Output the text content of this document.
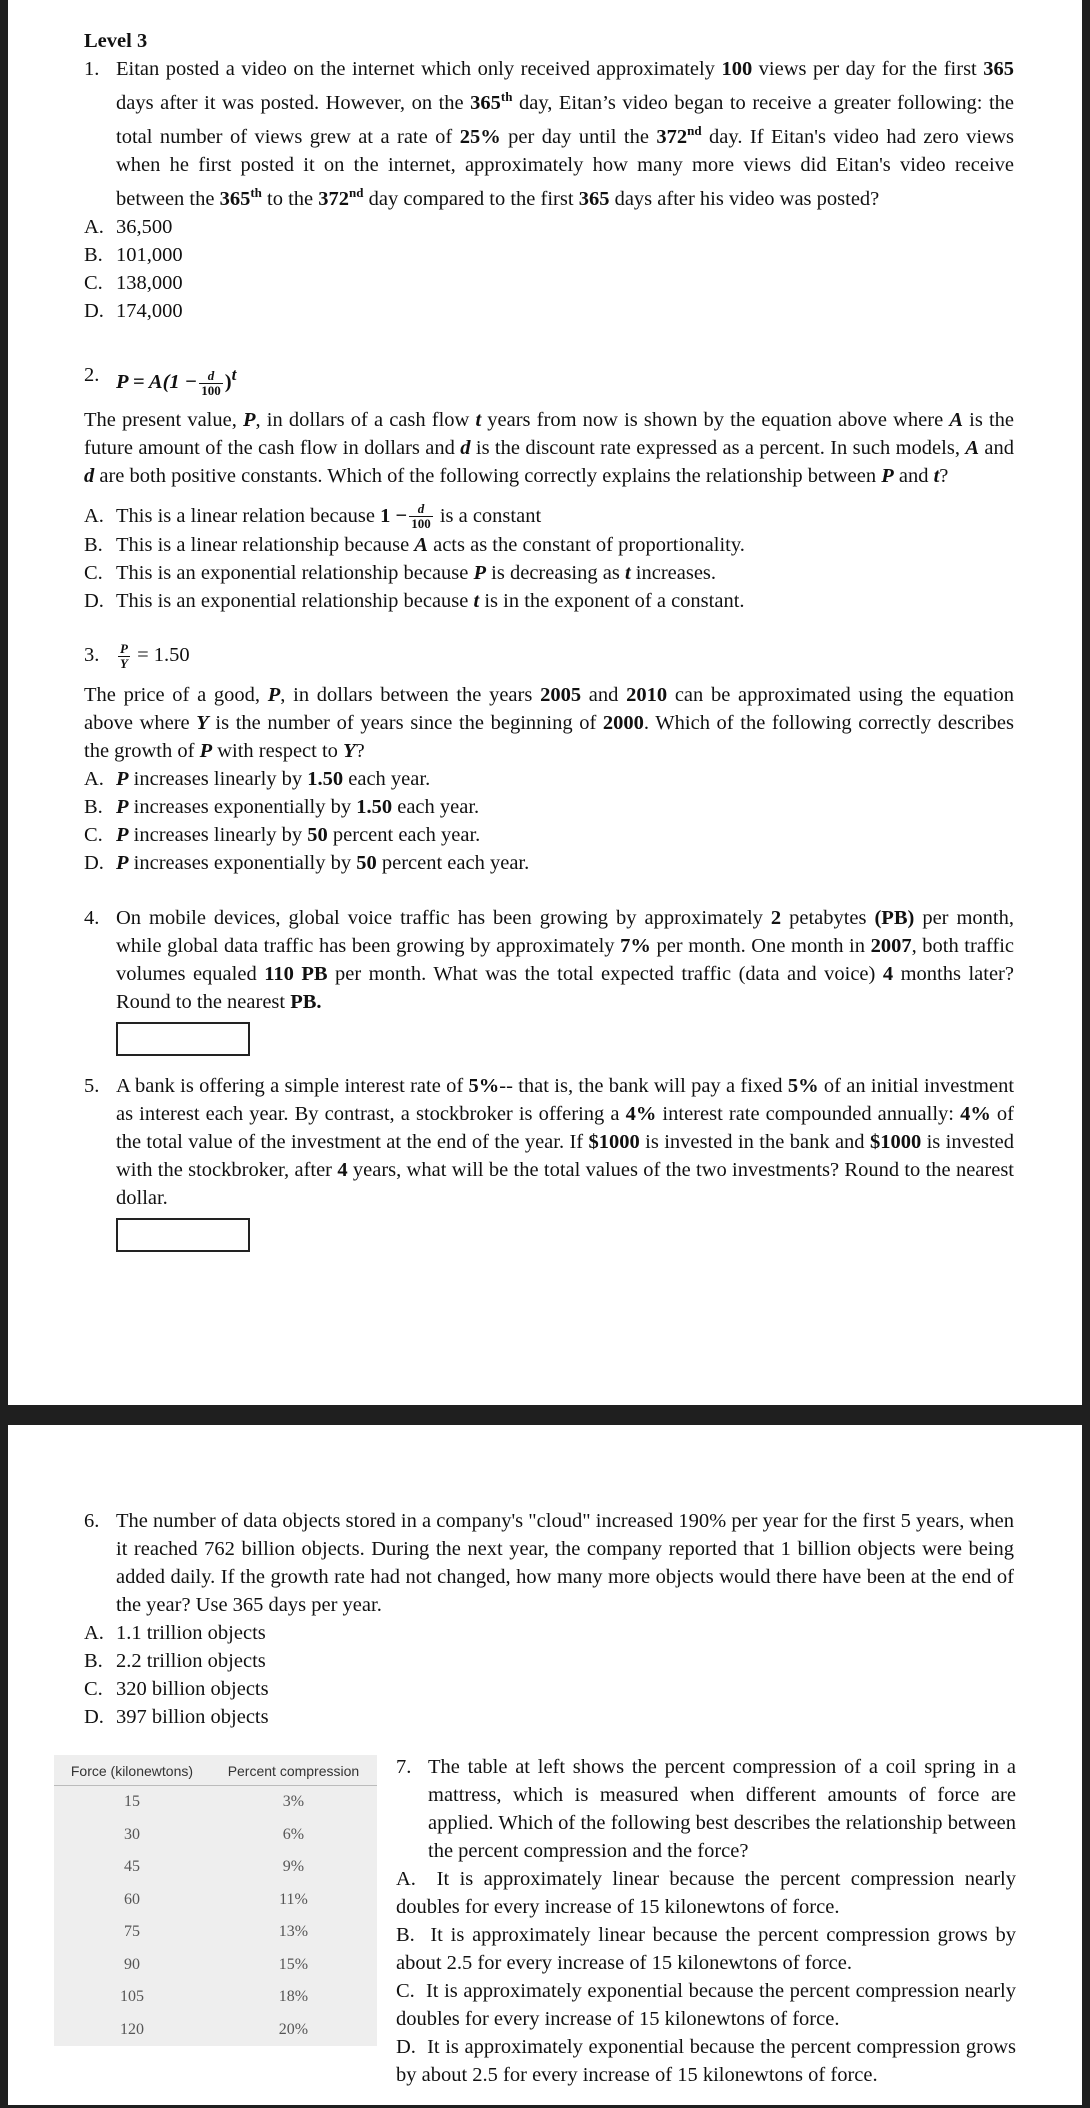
Level 3
1. Eitan posted a video on the internet which only received approximately 100 views per day for the first 365 days after it was posted. However, on the 365th day, Eitan’s video began to receive a greater following: the total number of views grew at a rate of 25% per day until the 372nd day. If Eitan's video had zero views when he first posted it on the internet, approximately how many more views did Eitan's video receive between the 365th to the 372nd day compared to the first 365 days after his video was posted?
A. 36,500
B. 101,000
C. 138,000
D. 174,000
2. $P = A(1 - \frac{d}{100} )^t$
The present value, P, in dollars of a cash flow t years from now is shown by the equation above where A is the future amount of the cash flow in dollars and d is the discount rate expressed as a percent. In such models, A and d are both positive constants. Which of the following correctly explains the relationship between P and t?
A. This is a linear relation because $1 - \frac{d}{100}$ is a constant
B. This is a linear relationship because A acts as the constant of proportionality.
C. This is an exponential relationship because P is decreasing as t increases.
D. This is an exponential relationship because t is in the exponent of a constant.
3. $\frac{P}{Y} = 1.50$
The price of a good, P, in dollars between the years 2005 and 2010 can be approximated using the equation above where Y is the number of years since the beginning of 2000. Which of the following correctly describes the growth of P with respect to Y?
A. P increases linearly by 1.50 each year.
B. P increases exponentially by 1.50 each year.
C. P increases linearly by 50 percent each year.
D. P increases exponentially by 50 percent each year.
4. On mobile devices, global voice traffic has been growing by approximately 2 petabytes (PB) per month, while global data traffic has been growing by approximately 7% per month. One month in 2007, both traffic volumes equaled 110 PB per month. What was the total expected traffic (data and voice) 4 months later? Round to the nearest PB.
5. A bank is offering a simple interest rate of 5%-- that is, the bank will pay a fixed 5% of an initial investment as interest each year. By contrast, a stockbroker is offering a 4% interest rate compounded annually: 4% of the total value of the investment at the end of the year. If $1000 is invested in the bank and $1000 is invested with the stockbroker, after 4 years, what will be the total values of the two investments? Round to the nearest dollar.
6. The number of data objects stored in a company's "cloud" increased 190% per year for the first 5 years, when it reached 762 billion objects. During the next year, the company reported that 1 billion objects were being added daily. If the growth rate had not changed, how many more objects would there have been at the end of the year? Use 365 days per year.
A. 1.1 trillion objects
B. 2.2 trillion objects
C. 320 billion objects
D. 397 billion objects
Force (kilonewtons)	Percent compression
15	3%
30	6%
45	9%
60	11%
75	13%
90	15%
105	18%
120	20%
7. The table at left shows the percent compression of a coil spring in a mattress, which is measured when different amounts of force are applied. Which of the following best describes the relationship between the percent compression and the force?
A.  It is approximately linear because the percent compression nearly doubles for every increase of 15 kilonewtons of force.
B.  It is approximately linear because the percent compression grows by about 2.5 for every increase of 15 kilonewtons of force.
C.  It is approximately exponential because the percent compression nearly doubles for every increase of 15 kilonewtons of force.
D.  It is approximately exponential because the percent compression grows by about 2.5 for every increase of 15 kilonewtons of force.
